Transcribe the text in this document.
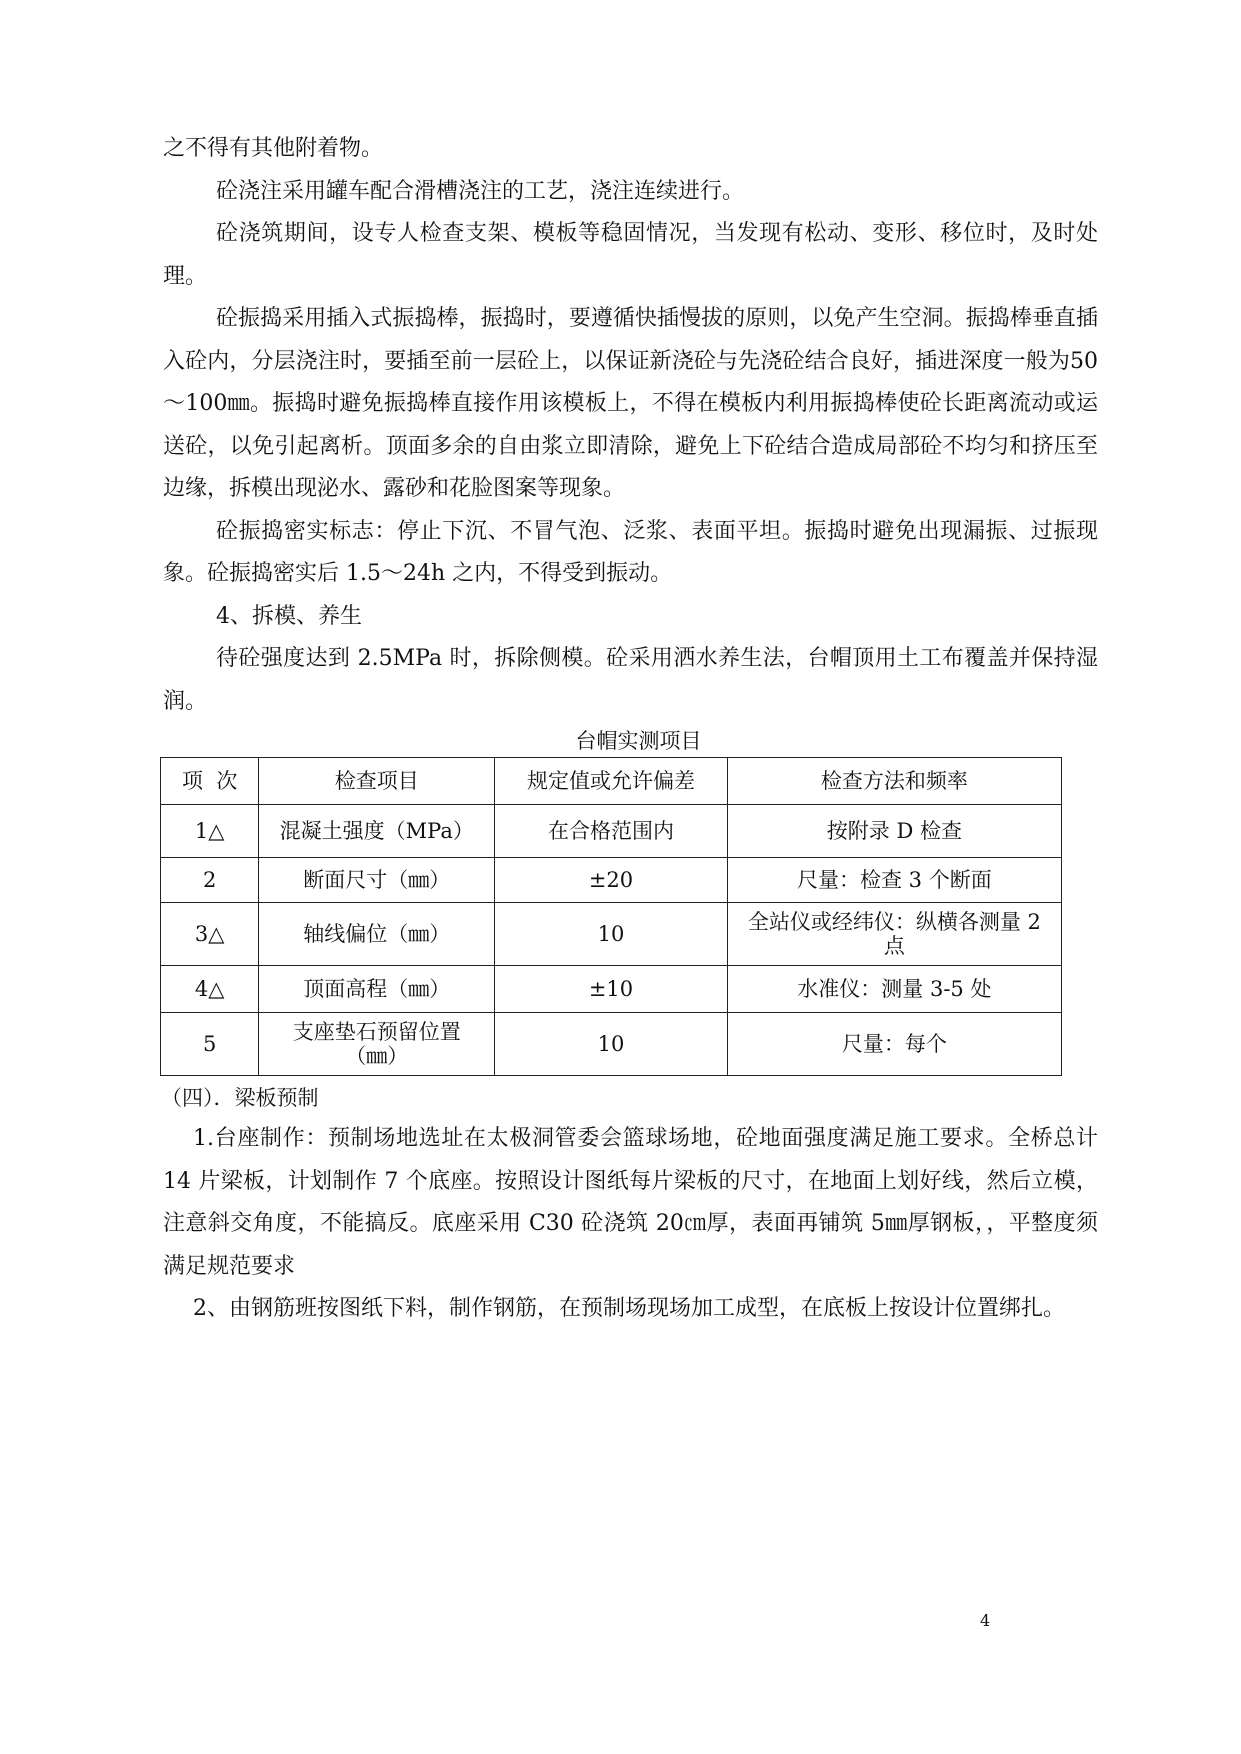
之不得有其他附着物。

砼浇注采用罐车配合滑槽浇注的工艺，浇注连续进行。

砼浇筑期间，设专人检查支架、模板等稳固情况，当发现有松动、变形、移位时，及时处理。

砼振捣采用插入式振捣棒，振捣时，要遵循快插慢拔的原则，以免产生空洞。振捣棒垂直插入砼内，分层浇注时，要插至前一层砼上，以保证新浇砼与先浇砼结合良好，插进深度一般为50～100㎜。振捣时避免振捣棒直接作用该模板上，不得在模板内利用振捣棒使砼长距离流动或运送砼，以免引起离析。顶面多余的自由浆立即清除，避免上下砼结合造成局部砼不均匀和挤压至边缘，拆模出现泌水、露砂和花脸图案等现象。

砼振捣密实标志：停止下沉、不冒气泡、泛浆、表面平坦。振捣时避免出现漏振、过振现象。砼振捣密实后 1.5～24h 之内，不得受到振动。

4、拆模、养生

待砼强度达到 2.5MPa 时，拆除侧模。砼采用洒水养生法，台帽顶用土工布覆盖并保持湿润。

台帽实测项目
项  次	检查项目	规定值或允许偏差	检查方法和频率
1△	混凝土强度（MPa）	在合格范围内	按附录 D 检查
2	断面尺寸（㎜）	±20	尺量：检查 3 个断面
3△	轴线偏位（㎜）	10	全站仪或经纬仪：纵横各测量 2 点
4△	顶面高程（㎜）	±10	水准仪：测量 3-5 处
5	支座垫石预留位置（㎜）	10	尺量：每个
（四）．梁板预制

1.台座制作：预制场地选址在太极洞管委会篮球场地，砼地面强度满足施工要求。全桥总计 14 片梁板，计划制作 7 个底座。按照设计图纸每片梁板的尺寸，在地面上划好线，然后立模，注意斜交角度，不能搞反。底座采用 C30 砼浇筑 20㎝厚，表面再铺筑 5㎜厚钢板，，平整度须满足规范要求

2、由钢筋班按图纸下料，制作钢筋，在预制场现场加工成型，在底板上按设计位置绑扎。

4
